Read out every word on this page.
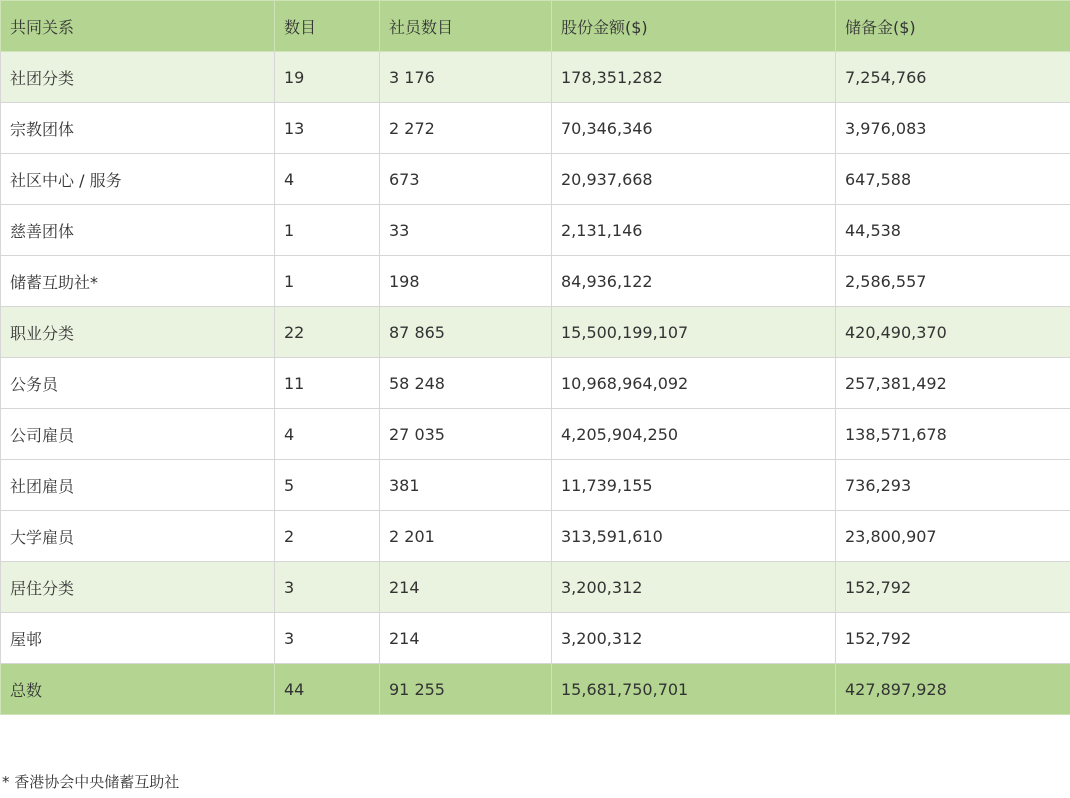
共同关系	数目	社员数目	股份金额($)	储备金($)
社团分类	19	3 176	178,351,282	7,254,766
宗教团体	13	2 272	70,346,346	3,976,083
社区中心 / 服务	4	673	20,937,668	647,588
慈善团体	1	33	2,131,146	44,538
储蓄互助社*	1	198	84,936,122	2,586,557
职业分类	22	87 865	15,500,199,107	420,490,370
公务员	11	58 248	10,968,964,092	257,381,492
公司雇员	4	27 035	4,205,904,250	138,571,678
社团雇员	5	381	11,739,155	736,293
大学雇员	2	2 201	313,591,610	23,800,907
居住分类	3	214	3,200,312	152,792
屋邨	3	214	3,200,312	152,792
总数	44	91 255	15,681,750,701	427,897,928
* 香港协会中央储蓄互助社
